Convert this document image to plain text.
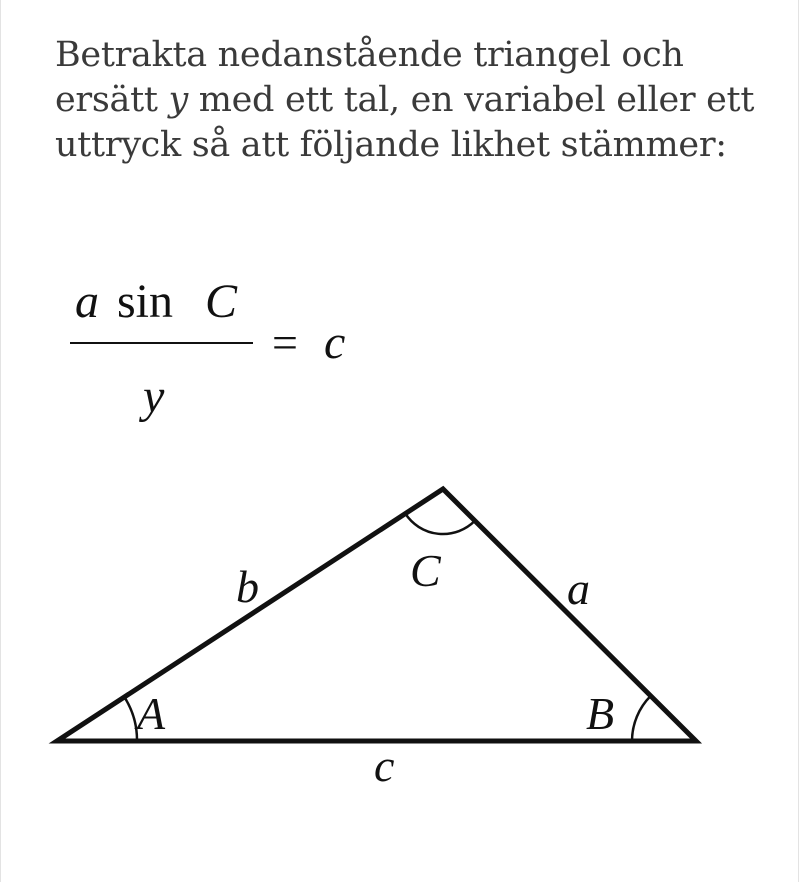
Betrakta nedanstående triangel och ersätt y med ett tal, en variabel eller ett uttryck så att följande likhet stämmer:

a sin C
y
= c
b	a
c
A	B
C
